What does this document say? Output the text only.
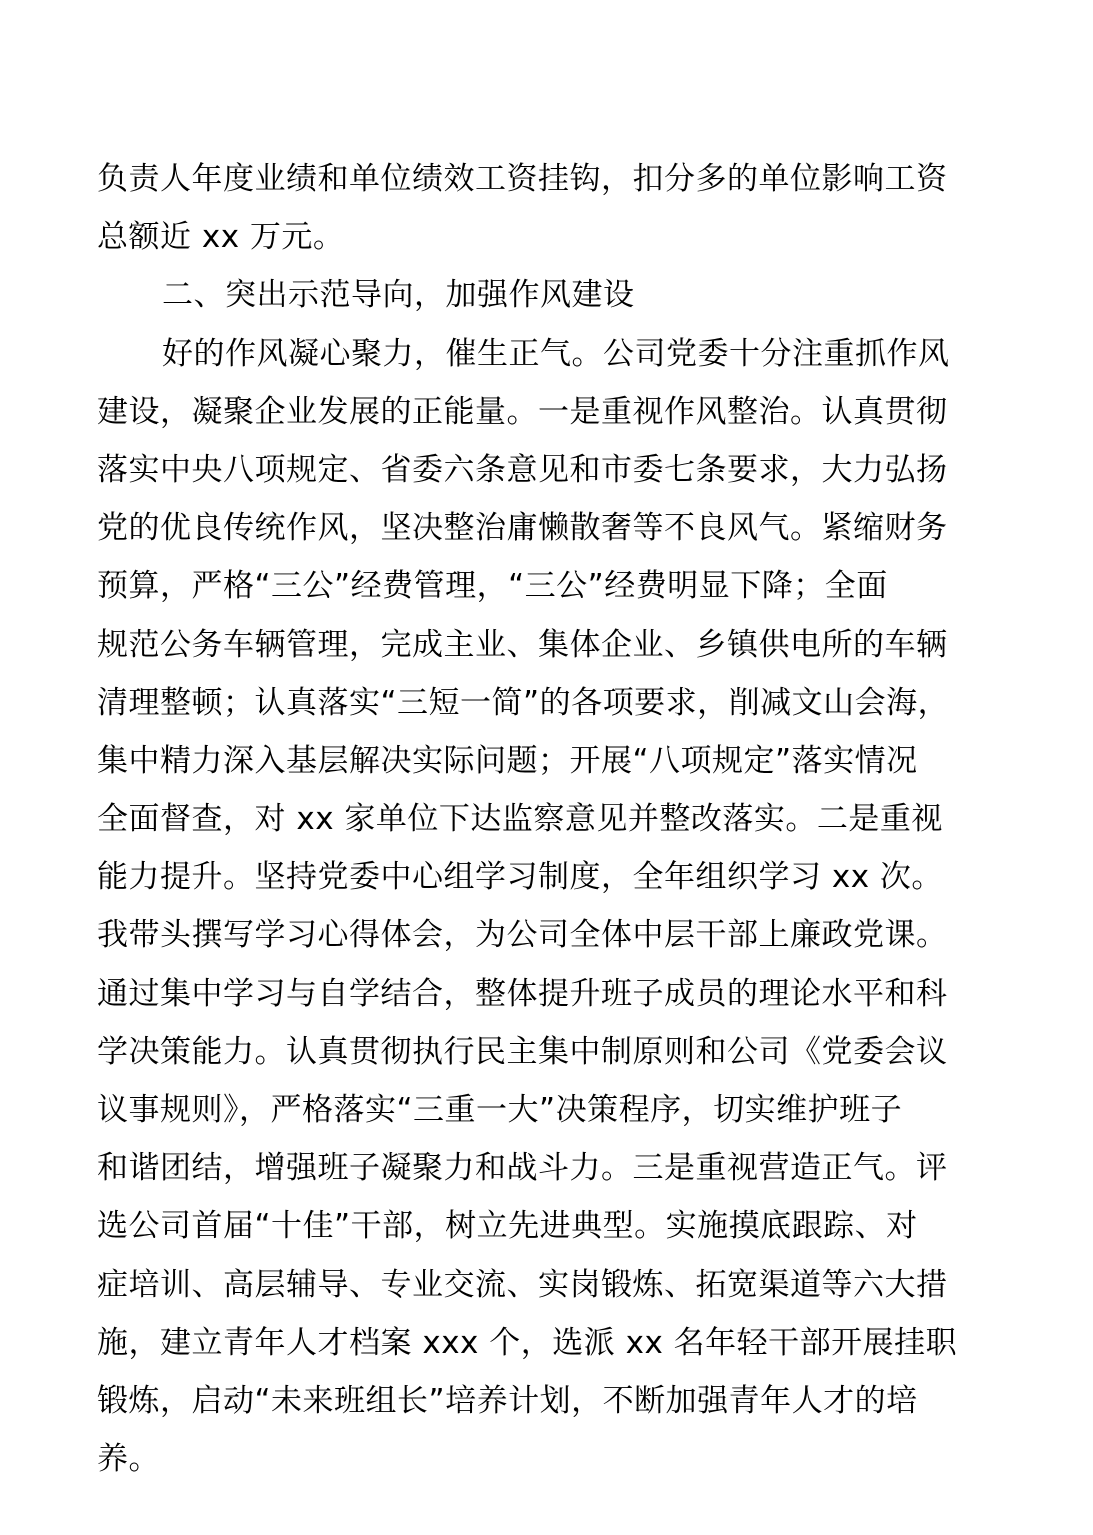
负责人年度业绩和单位绩效工资挂钩，扣分多的单位影响工资
总额近 xx 万元。
二、突出示范导向，加强作风建设
好的作风凝心聚力，催生正气。公司党委十分注重抓作风
建设，凝聚企业发展的正能量。一是重视作风整治。认真贯彻
落实中央八项规定、省委六条意见和市委七条要求，大力弘扬
党的优良传统作风，坚决整治庸懒散奢等不良风气。紧缩财务
预算，严格“三公”经费管理，“三公”经费明显下降；全面
规范公务车辆管理，完成主业、集体企业、乡镇供电所的车辆
清理整顿；认真落实“三短一简”的各项要求，削减文山会海，
集中精力深入基层解决实际问题；开展“八项规定”落实情况
全面督查，对 xx 家单位下达监察意见并整改落实。二是重视
能力提升。坚持党委中心组学习制度，全年组织学习 xx 次。
我带头撰写学习心得体会，为公司全体中层干部上廉政党课。
通过集中学习与自学结合，整体提升班子成员的理论水平和科
学决策能力。认真贯彻执行民主集中制原则和公司《党委会议
议事规则》，严格落实“三重一大”决策程序，切实维护班子
和谐团结，增强班子凝聚力和战斗力。三是重视营造正气。评
选公司首届“十佳”干部，树立先进典型。实施摸底跟踪、对
症培训、高层辅导、专业交流、实岗锻炼、拓宽渠道等六大措
施，建立青年人才档案 xxx 个，选派 xx 名年轻干部开展挂职
锻炼，启动“未来班组长”培养计划，不断加强青年人才的培
养。
